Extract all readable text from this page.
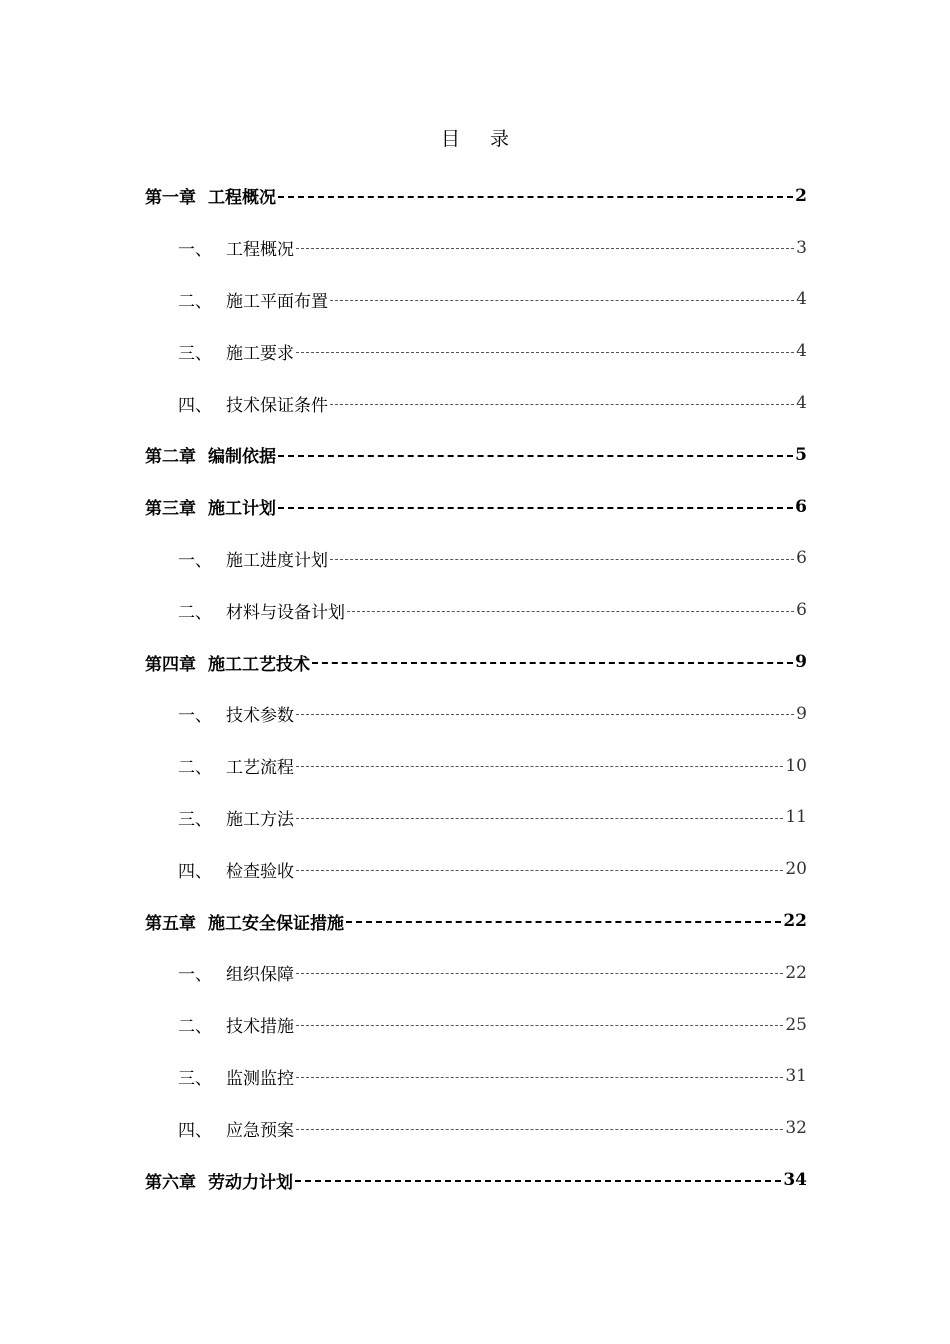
目 录
第一章 工程概况	2
一、 工程概况	3
二、 施工平面布置	4
三、 施工要求	4
四、 技术保证条件	4
第二章 编制依据	5
第三章 施工计划	6
一、 施工进度计划	6
二、 材料与设备计划	6
第四章 施工工艺技术	9
一、 技术参数	9
二、 工艺流程	10
三、 施工方法	11
四、 检查验收	20
第五章 施工安全保证措施	22
一、 组织保障	22
二、 技术措施	25
三、 监测监控	31
四、 应急预案	32
第六章 劳动力计划	34
